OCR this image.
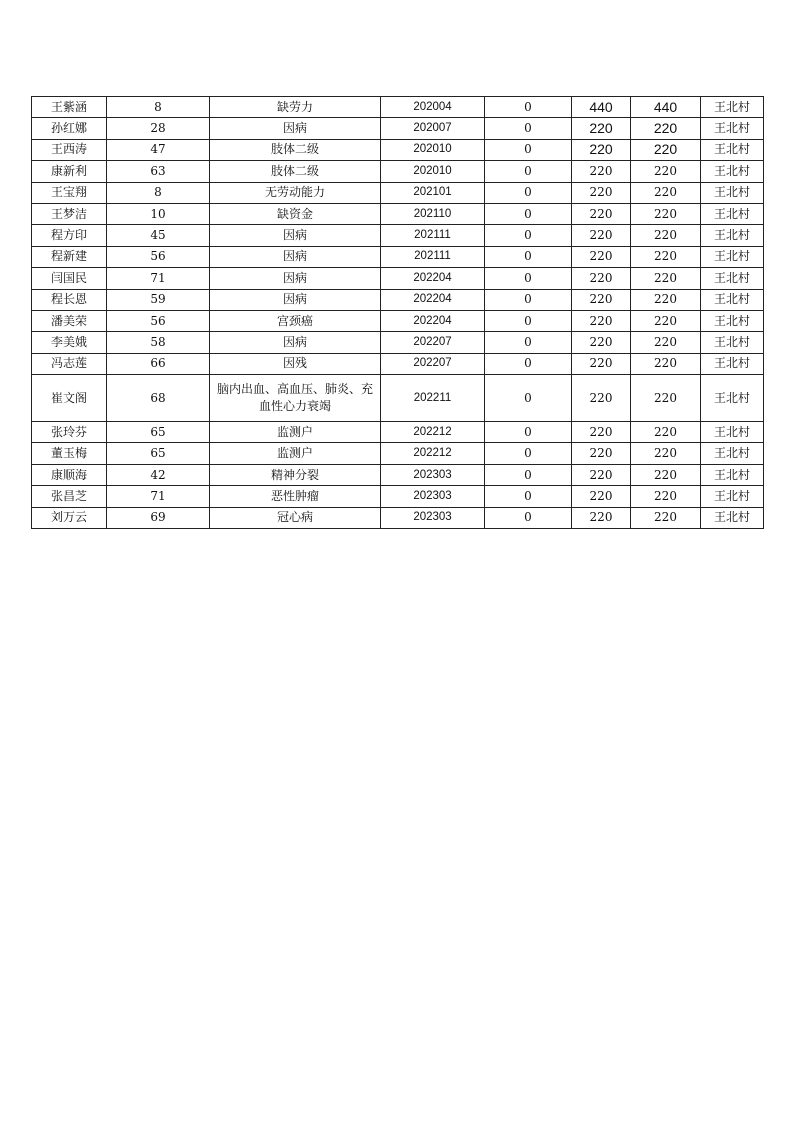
王紫涵	8	缺劳力	202004	0	440	440	王北村
孙红娜	28	因病	202007	0	220	220	王北村
王西涛	47	肢体二级	202010	0	220	220	王北村
康新利	63	肢体二级	202010	0	220	220	王北村
王宝翔	8	无劳动能力	202101	0	220	220	王北村
王梦洁	10	缺资金	202110	0	220	220	王北村
程方印	45	因病	202111	0	220	220	王北村
程新建	56	因病	202111	0	220	220	王北村
闫国民	71	因病	202204	0	220	220	王北村
程长恩	59	因病	202204	0	220	220	王北村
潘美荣	56	宫颈癌	202204	0	220	220	王北村
李美娥	58	因病	202207	0	220	220	王北村
冯志莲	66	因残	202207	0	220	220	王北村
崔文阁	68	脑内出血、高血压、肺炎、充血性心力衰竭	202211	0	220	220	王北村
张玲芬	65	监测户	202212	0	220	220	王北村
董玉梅	65	监测户	202212	0	220	220	王北村
康顺海	42	精神分裂	202303	0	220	220	王北村
张昌芝	71	恶性肿瘤	202303	0	220	220	王北村
刘万云	69	冠心病	202303	0	220	220	王北村
